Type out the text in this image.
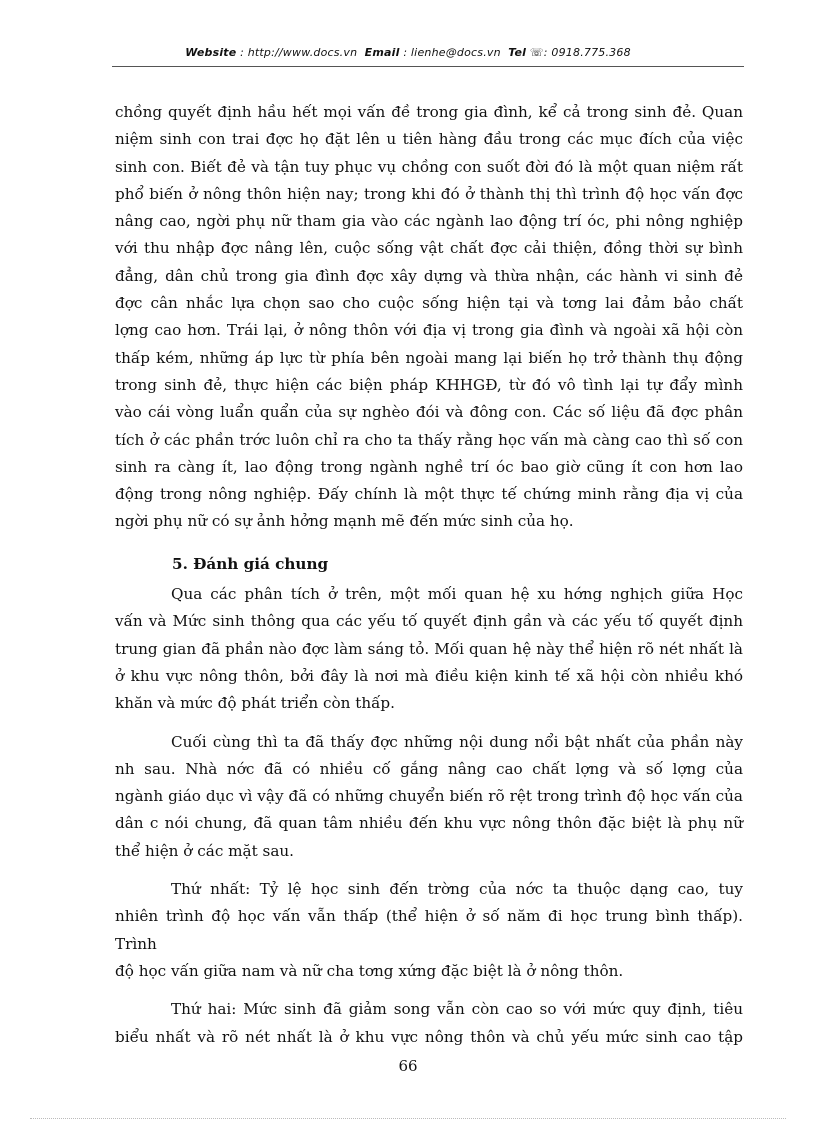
Website : http://www.docs.vn Email : lienhe@docs.vn Tel ☏: 0918.775.368

chồng quyết định hầu hết mọi vấn đề trong gia đình, kể cả trong sinh đẻ. Quan

niệm sinh con trai đợc họ đặt lên u tiên hàng đầu trong các mục đích của việc

sinh con. Biết đẻ và tận tuy phục vụ chồng con suốt đời đó là một quan niệm rất

phổ biến ở nông thôn hiện nay; trong khi đó ở thành thị thì trình độ học vấn đợc

nâng cao, ngời phụ nữ tham gia vào các ngành lao động trí óc, phi nông nghiệp

với thu nhập đợc nâng lên, cuộc sống vật chất đợc cải thiện, đồng thời sự bình

đẳng, dân chủ trong gia đình đợc xây dựng và thừa nhận, các hành vi sinh đẻ

đợc cân nhắc lựa chọn sao cho cuộc sống hiện tại và tơng lai đảm bảo chất

lợng cao hơn. Trái lại, ở nông thôn với địa vị trong gia đình và ngoài xã hội còn

thấp kém, những áp lực từ phía bên ngoài mang lại biến họ trở thành thụ động

trong sinh đẻ, thực hiện các biện pháp KHHGĐ, từ đó vô tình lại tự đẩy mình

vào cái vòng luẩn quẩn của sự nghèo đói và đông con. Các số liệu đã đợc phân

tích ở các phần trớc luôn chỉ ra cho ta thấy rằng học vấn mà càng cao thì số con

sinh ra càng ít, lao động trong ngành nghề trí óc bao giờ cũng ít con hơn lao

động trong nông nghiệp. Đấy chính là một thực tế chứng minh rằng địa vị của

ngời phụ nữ có sự ảnh hởng mạnh mẽ đến mức sinh của họ.

5. Đánh giá chung

Qua các phân tích ở trên, một mối quan hệ xu hớng nghịch giữa Học

vấn và Mức sinh thông qua các yếu tố quyết định gần và các yếu tố quyết định

trung gian đã phần nào đợc làm sáng tỏ. Mối quan hệ này thể hiện rõ nét nhất là

ở khu vực nông thôn, bởi đây là nơi mà điều kiện kinh tế xã hội còn nhiều khó

khăn và mức độ phát triển còn thấp.

Cuối cùng thì ta đã thấy đợc những nội dung nổi bật nhất của phần này

nh sau. Nhà nớc đã có nhiều cố gắng nâng cao chất lợng và số lợng của

ngành giáo dục vì vậy đã có những chuyển biến rõ rệt trong trình độ học vấn của

dân c nói chung, đã quan tâm nhiều đến khu vực nông thôn đặc biệt là phụ nữ

thể hiện ở các mặt sau.

Thứ nhất: Tỷ lệ học sinh đến trờng của nớc ta thuộc dạng cao, tuy

nhiên trình độ học vấn vẫn thấp (thể hiện ở số năm đi học trung bình thấp). Trình

độ học vấn giữa nam và nữ cha tơng xứng đặc biệt là ở nông thôn.

Thứ hai: Mức sinh đã giảm song vẫn còn cao so với mức quy định, tiêu

biểu nhất và rõ nét nhất là ở khu vực nông thôn và chủ yếu mức sinh cao tập

66
